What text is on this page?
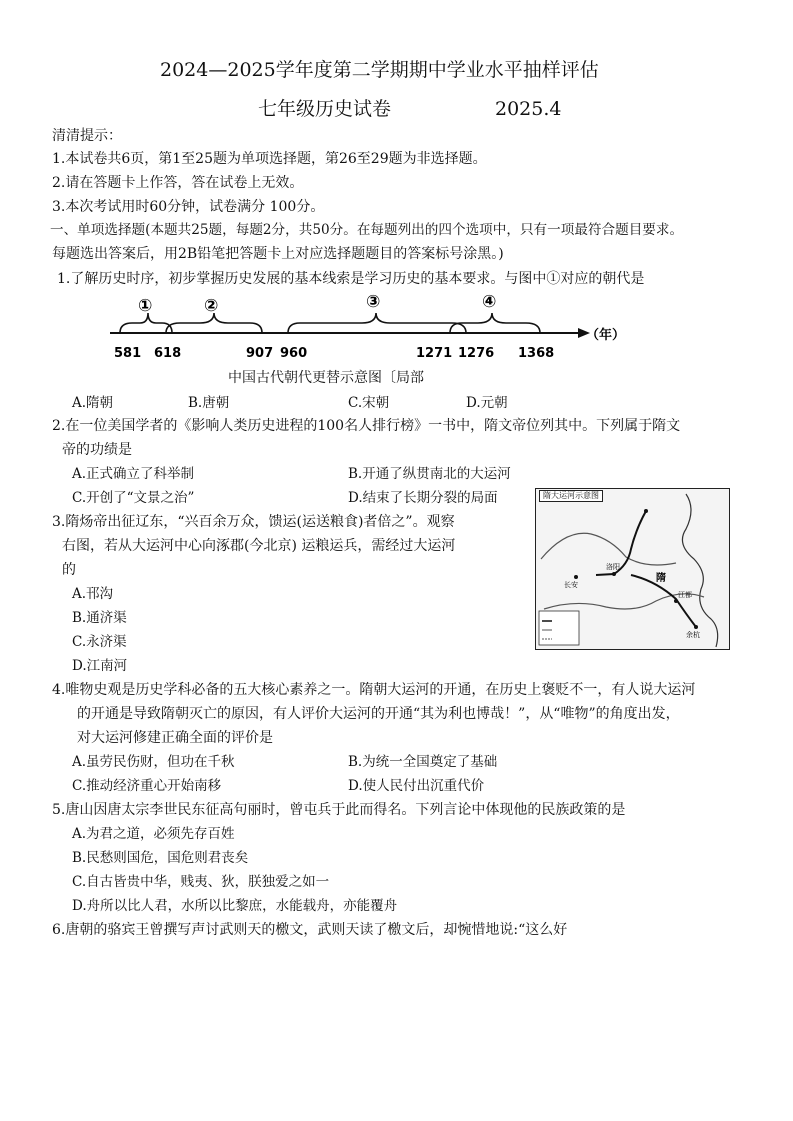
2024—2025学年度第二学期期中学业水平抽样评估
七年级历史试卷	2025.4
清清提示：
1.本试卷共6页，第1至25题为单项选择题，第26至29题为非选择题。
2.请在答题卡上作答，答在试卷上无效。
3.本次考试用时60分钟，试卷满分 100分。
一、单项选择题(本题共25题，每题2分，共50分。在每题列出的四个选项中，只有一项最符合题目要求。
每题选出答案后，用2B铅笔把答题卡上对应选择题题目的答案标号涂黑。)
1.了解历史时序，初步掌握历史发展的基本线索是学习历史的基本要求。与图中①对应的朝代是
①	②	③	④
581 618	907 960	1271 1276 1368
（年）
中国古代朝代更替示意图〔局部
A.隋朝	B.唐朝	C.宋朝	D.元朝
2.在一位美国学者的《影响人类历史进程的100名人排行榜》一书中，隋文帝位列其中。下列属于隋文
帝的功绩是
A.正式确立了科举制	B.开通了纵贯南北的大运河
C.开创了“文景之治”	D.结束了长期分裂的局面
3.隋炀帝出征辽东，“兴百余万众，馈运(运送粮食)者倍之”。观察
右图，若从大运河中心向涿郡(今北京) 运粮运兵，需经过大运河
的
A.邗沟
B.通济渠
C.永济渠
D.江南河
长安
洛阳
隋
江都
余杭
隋大运河示意图
4.唯物史观是历史学科必备的五大核心素养之一。隋朝大运河的开通，在历史上褒贬不一，有人说大运河
的开通是导致隋朝灭亡的原因，有人评价大运河的开通“其为利也博哉！”，从“唯物”的角度出发，
对大运河修建正确全面的评价是
A.虽劳民伤财，但功在千秋	B.为统一全国奠定了基础
C.推动经济重心开始南移	D.使人民付出沉重代价
5.唐山因唐太宗李世民东征高句丽时，曾屯兵于此而得名。下列言论中体现他的民族政策的是
A.为君之道，必须先存百姓
B.民愁则国危，国危则君丧矣
C.自古皆贵中华，贱夷、狄，朕独爱之如一
D.舟所以比人君，水所以比黎庶，水能载舟，亦能覆舟
6.唐朝的骆宾王曾撰写声讨武则天的檄文，武则天读了檄文后，却惋惜地说:“这么好
